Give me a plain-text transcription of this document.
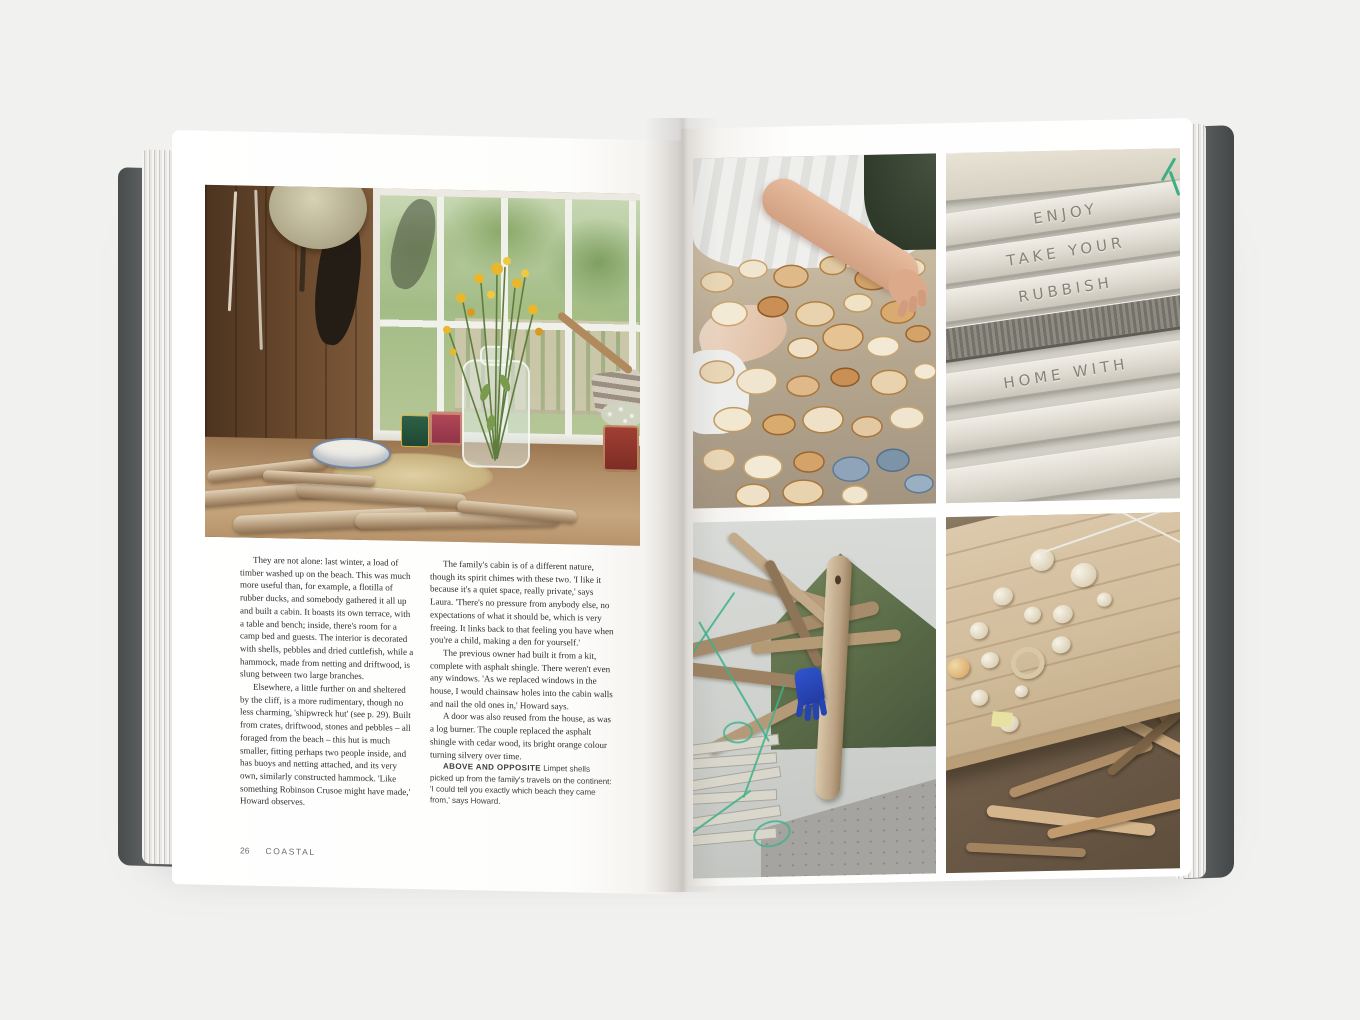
They are not alone: last winter, a load of timber washed up on the beach. This was much more useful than, for example, a flotilla of rubber ducks, and somebody gathered it all up and built a cabin. It boasts its own terrace, with a table and bench; inside, there's room for a camp bed and guests. The interior is decorated with shells, pebbles and dried cuttlefish, while a hammock, made from netting and driftwood, is slung between two large branches.

Elsewhere, a little further on and sheltered by the cliff, is a more rudimentary, though no less charming, 'shipwreck hut' (see p. 29). Built from crates, driftwood, stones and pebbles – all foraged from the beach – this hut is much smaller, fitting perhaps two people inside, and has buoys and netting attached, and its very own, similarly constructed hammock. 'Like something Robinson Crusoe might have made,' Howard observes.

The family's cabin is of a different nature, though its spirit chimes with these two. 'I like it because it's a quiet space, really private,' says Laura. 'There's no pressure from anybody else, no expectations of what it should be, which is very freeing. It links back to that feeling you have when you're a child, making a den for yourself.'

The previous owner had built it from a kit, complete with asphalt shingle. There weren't even any windows. 'As we replaced windows in the house, I would chainsaw holes into the cabin walls and nail the old ones in,' Howard says.

A door was also reused from the house, as was a log burner. The couple replaced the asphalt shingle with cedar wood, its bright orange colour turning silvery over time.

ABOVE AND OPPOSITE Limpet shells picked up from the family's travels on the continent: 'I could tell you exactly which beach they came from,' says Howard.

26 COASTAL
ENJOY
TAKE YOUR
RUBBISH
HOME WITH
